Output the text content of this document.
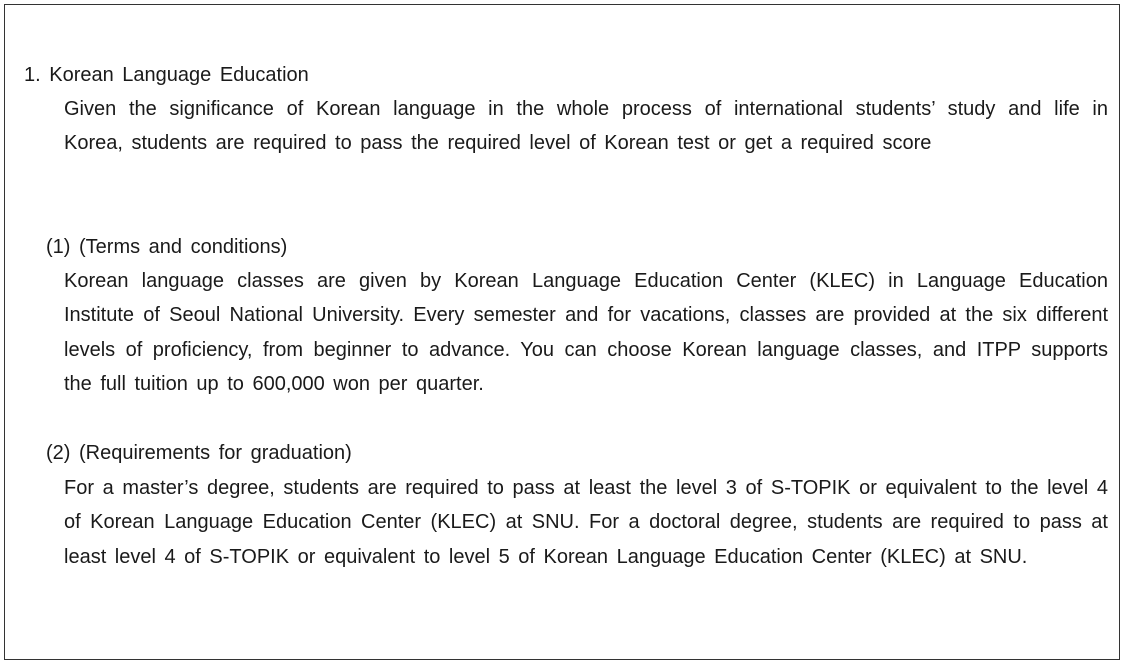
1. Korean Language Education
Given the significance of Korean language in the whole process of international students’ study and life in Korea, students are required to pass the required level of Korean test or get a required score
(1) (Terms and conditions)
Korean language classes are given by Korean Language Education Center (KLEC) in Language Education Institute of Seoul National University. Every semester and for vacations, classes are provided at the six different levels of proficiency, from beginner to advance. You can choose Korean language classes, and ITPP supports the full tuition up to 600,000 won per quarter.
(2) (Requirements for graduation)
For a master’s degree, students are required to pass at least the level 3 of S-TOPIK or equivalent to the level 4 of Korean Language Education Center (KLEC) at SNU. For a doctoral degree, students are required to pass at least level 4 of S-TOPIK or equivalent to level 5 of Korean Language Education Center (KLEC) at SNU.
